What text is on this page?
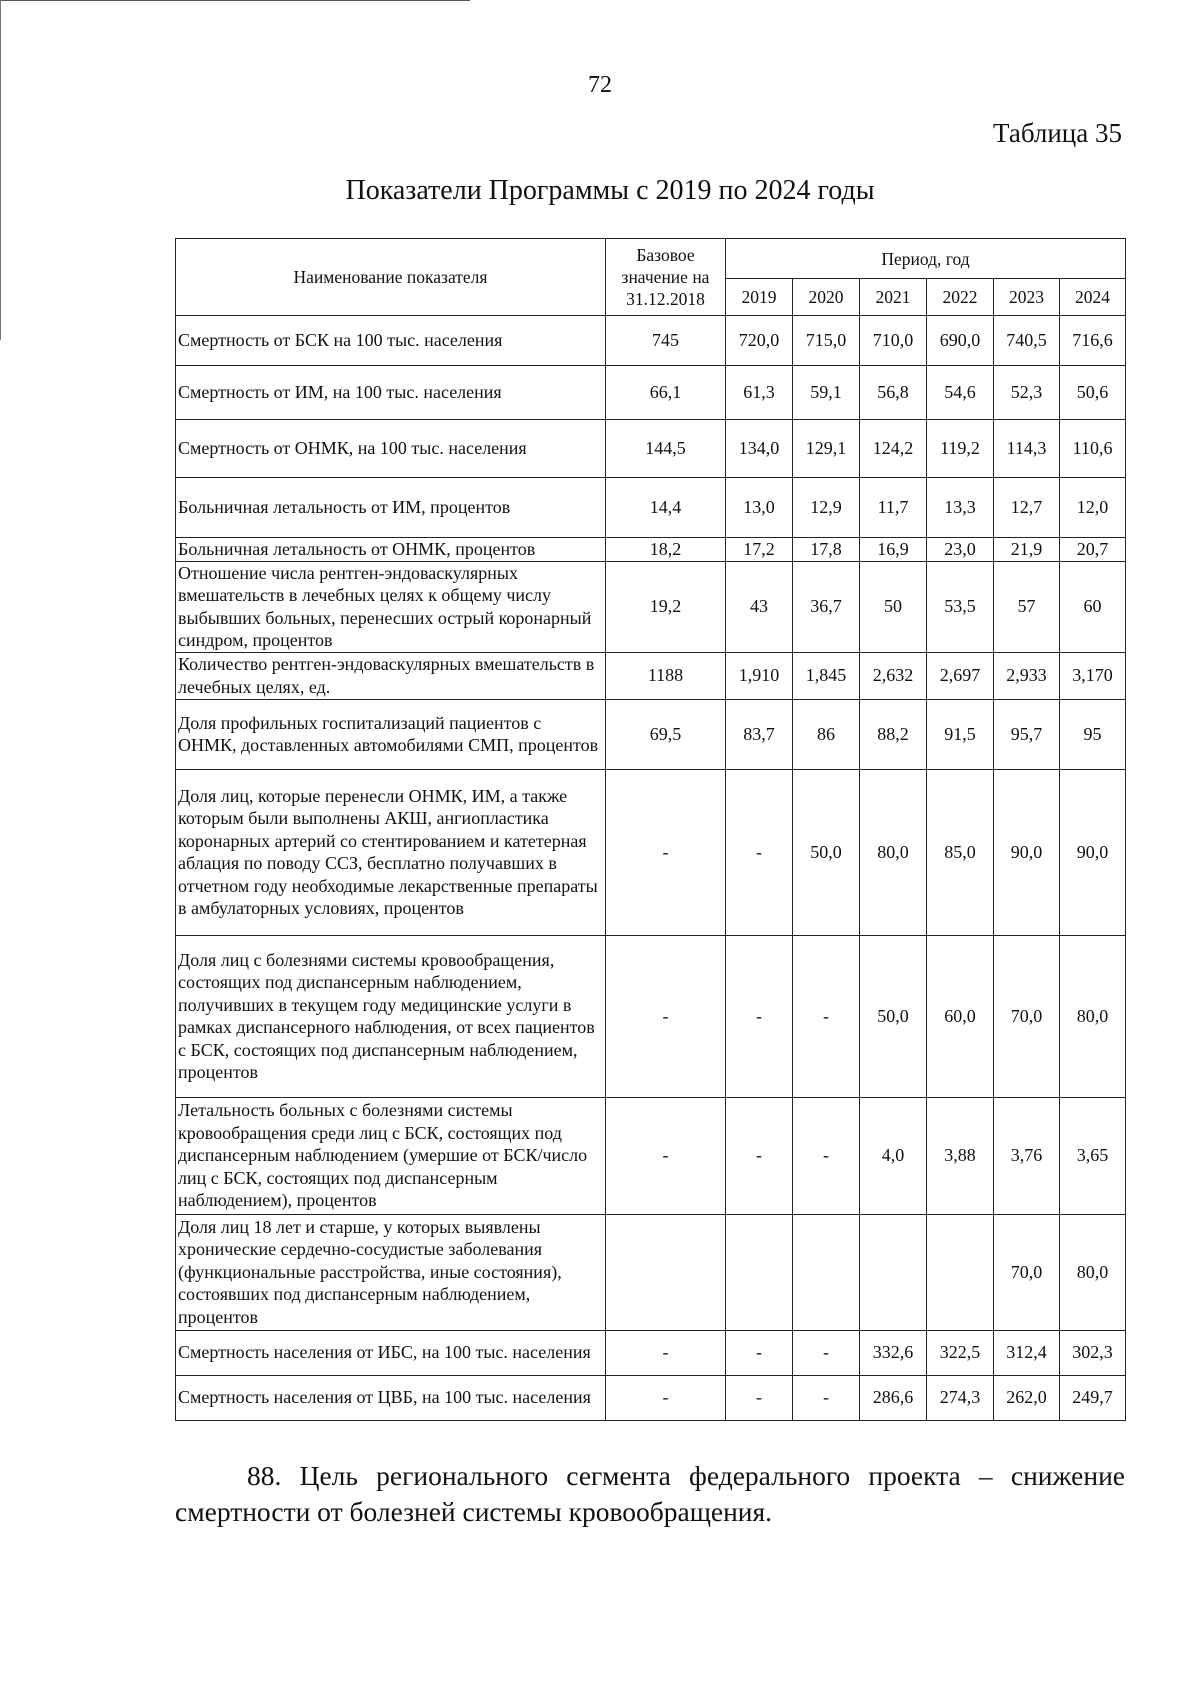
72
Таблица 35
Показатели Программы с 2019 по 2024 годы
Наименование показателя	Базовое значение на 31.12.2018	Период, год					
		2019	2020	2021	2022	2023	2024
Смертность от БСК на 100 тыс. населения	745	720,0	715,0	710,0	690,0	740,5	716,6
Смертность от ИМ, на 100 тыс. населения	66,1	61,3	59,1	56,8	54,6	52,3	50,6
Смертность от ОНМК, на 100 тыс. населения	144,5	134,0	129,1	124,2	119,2	114,3	110,6
Больничная летальность от ИМ, процентов	14,4	13,0	12,9	11,7	13,3	12,7	12,0
Больничная летальность от ОНМК, процентов	18,2	17,2	17,8	16,9	23,0	21,9	20,7
Отношение числа рентген-эндоваскулярных вмешательств в лечебных целях к общему числу выбывших больных, перенесших острый коронарный синдром, процентов	19,2	43	36,7	50	53,5	57	60
Количество рентген-эндоваскулярных вмешательств в лечебных целях, ед.	1188	1,910	1,845	2,632	2,697	2,933	3,170
Доля профильных госпитализаций пациентов с ОНМК, доставленных автомобилями СМП, процентов	69,5	83,7	86	88,2	91,5	95,7	95
Доля лиц, которые перенесли ОНМК, ИМ, а также которым были выполнены АКШ, ангиопластика коронарных артерий со стентированием и катетерная аблация по поводу ССЗ, бесплатно получавших в отчетном году необходимые лекарственные препараты в амбулаторных условиях, процентов	-	-	50,0	80,0	85,0	90,0	90,0
Доля лиц с болезнями системы кровообращения, состоящих под диспансерным наблюдением, получивших в текущем году медицинские услуги в рамках диспансерного наблюдения, от всех пациентов с БСК, состоящих под диспансерным наблюдением, процентов	-	-	-	50,0	60,0	70,0	80,0
Летальность больных с болезнями системы кровообращения среди лиц с БСК, состоящих под диспансерным наблюдением (умершие от БСК/число лиц с БСК, состоящих под диспансерным наблюдением), процентов	-	-	-	4,0	3,88	3,76	3,65
Доля лиц 18 лет и старше, у которых выявлены хронические сердечно-сосудистые заболевания (функциональные расстройства, иные состояния), состоявших под диспансерным наблюдением, процентов						70,0	80,0
Смертность населения от ИБС, на 100 тыс. населения	-	-	-	332,6	322,5	312,4	302,3
Смертность населения от ЦВБ, на 100 тыс. населения	-	-	-	286,6	274,3	262,0	249,7
88. Цель регионального сегмента федерального проекта – снижение смертности от болезней системы кровообращения.
